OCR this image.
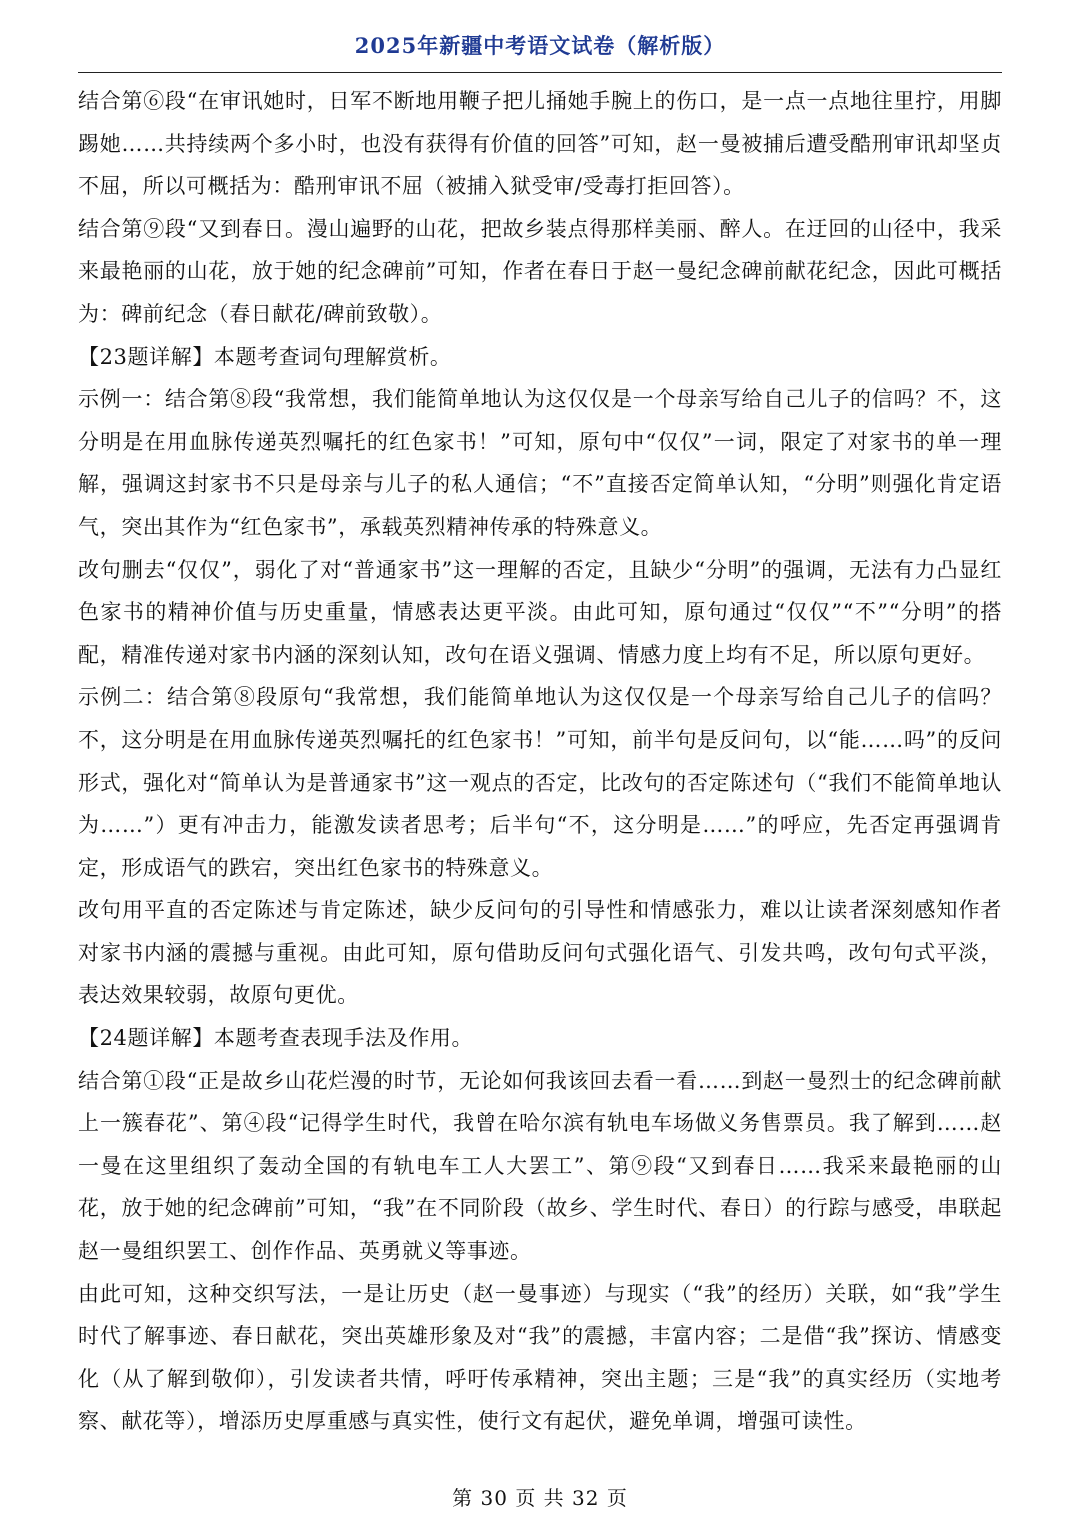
2025年新疆中考语文试卷（解析版）

结合第⑥段“在审讯她时，日军不断地用鞭子把儿捅她手腕上的伤口，是一点一点地往里拧，用脚踢她……共持续两个多小时，也没有获得有价值的回答”可知，赵一曼被捕后遭受酷刑审讯却坚贞不屈，所以可概括为：酷刑审讯不屈（被捕入狱受审/受毒打拒回答）。

结合第⑨段“又到春日。漫山遍野的山花，把故乡装点得那样美丽、醉人。在迂回的山径中，我采来最艳丽的山花，放于她的纪念碑前”可知，作者在春日于赵一曼纪念碑前献花纪念，因此可概括为：碑前纪念（春日献花/碑前致敬）。

【23题详解】本题考查词句理解赏析。

示例一：结合第⑧段“我常想，我们能简单地认为这仅仅是一个母亲写给自己儿子的信吗？不，这分明是在用血脉传递英烈嘱托的红色家书！”可知，原句中“仅仅”一词，限定了对家书的单一理解，强调这封家书不只是母亲与儿子的私人通信；“不”直接否定简单认知，“分明”则强化肯定语气，突出其作为“红色家书”，承载英烈精神传承的特殊意义。

改句删去“仅仅”，弱化了对“普通家书”这一理解的否定，且缺少“分明”的强调，无法有力凸显红色家书的精神价值与历史重量，情感表达更平淡。由此可知，原句通过“仅仅”“不”“分明”的搭配，精准传递对家书内涵的深刻认知，改句在语义强调、情感力度上均有不足，所以原句更好。

示例二：结合第⑧段原句“我常想，我们能简单地认为这仅仅是一个母亲写给自己儿子的信吗？不，这分明是在用血脉传递英烈嘱托的红色家书！”可知，前半句是反问句，以“能……吗”的反问形式，强化对“简单认为是普通家书”这一观点的否定，比改句的否定陈述句（“我们不能简单地认为……”）更有冲击力，能激发读者思考；后半句“不，这分明是……”的呼应，先否定再强调肯定，形成语气的跌宕，突出红色家书的特殊意义。

改句用平直的否定陈述与肯定陈述，缺少反问句的引导性和情感张力，难以让读者深刻感知作者对家书内涵的震撼与重视。由此可知，原句借助反问句式强化语气、引发共鸣，改句句式平淡，表达效果较弱，故原句更优。

【24题详解】本题考查表现手法及作用。

结合第①段“正是故乡山花烂漫的时节，无论如何我该回去看一看……到赵一曼烈士的纪念碑前献上一簇春花”、第④段“记得学生时代，我曾在哈尔滨有轨电车场做义务售票员。我了解到……赵一曼在这里组织了轰动全国的有轨电车工人大罢工”、第⑨段“又到春日……我采来最艳丽的山花，放于她的纪念碑前”可知，“我”在不同阶段（故乡、学生时代、春日）的行踪与感受，串联起赵一曼组织罢工、创作作品、英勇就义等事迹。

由此可知，这种交织写法，一是让历史（赵一曼事迹）与现实（“我”的经历）关联，如“我”学生时代了解事迹、春日献花，突出英雄形象及对“我”的震撼，丰富内容；二是借“我”探访、情感变化（从了解到敬仰），引发读者共情，呼吁传承精神，突出主题；三是“我”的真实经历（实地考察、献花等），增添历史厚重感与真实性，使行文有起伏，避免单调，增强可读性。

第 30 页 共 32 页
